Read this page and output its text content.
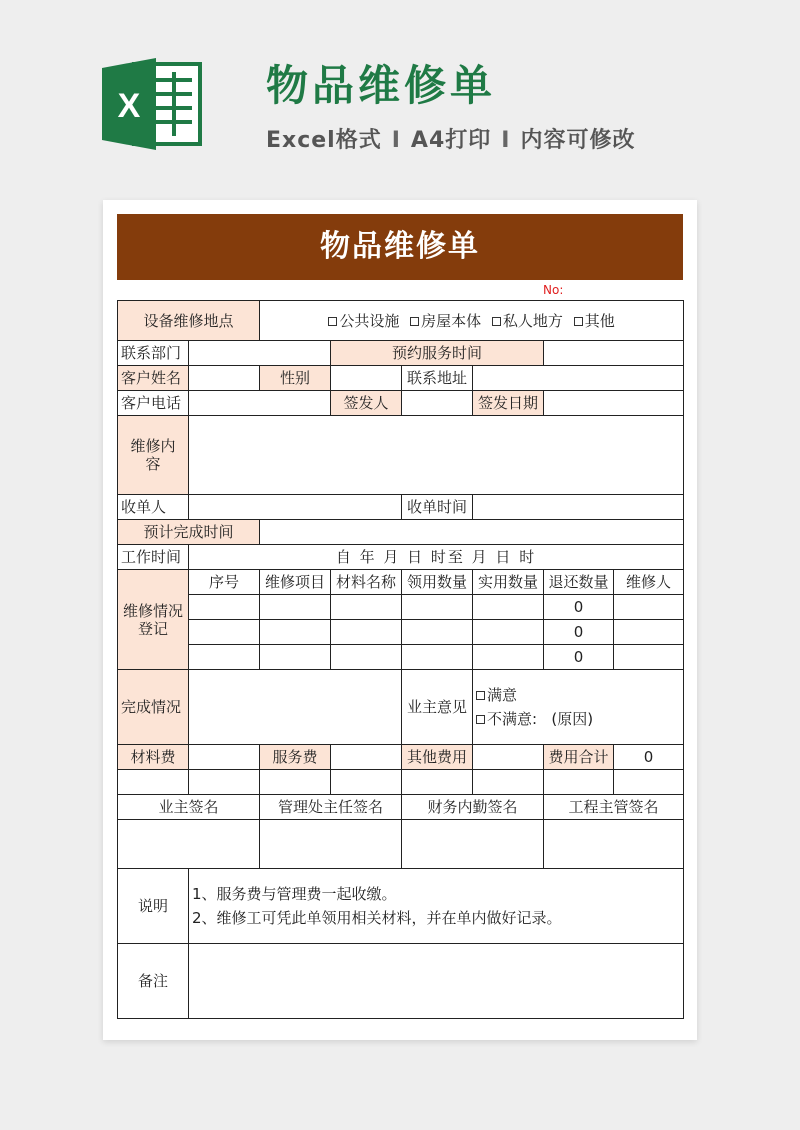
X	物品维修单
Excel格式 I A4打印 I 内容可修改
物品维修单
No:
设备维修地点		公共设施 房屋本体 私人地方 其他					
联系部门			预约服务时间				
客户姓名		性别		联系地址			
客户电话			签发人		签发日期		
维修内容							
收单人				收单时间			
预计完成时间							
工作时间	自 年 月 日 时至 月 日 时						
维修情况登记	序号	维修项目	材料名称	领用数量	实用数量	退还数量	维修人
						0	
						0	
						0	
完成情况				业主意见	满意
不满意: (原因)		

材料费		服务费		其他费用		费用合计	0

业主签名		管理处主任签名		财务内勤签名		工程主管签名	

说明	1、服务费与管理费一起收缴。
2、维修工可凭此单领用相关材料，并在单内做好记录。						

备注							
